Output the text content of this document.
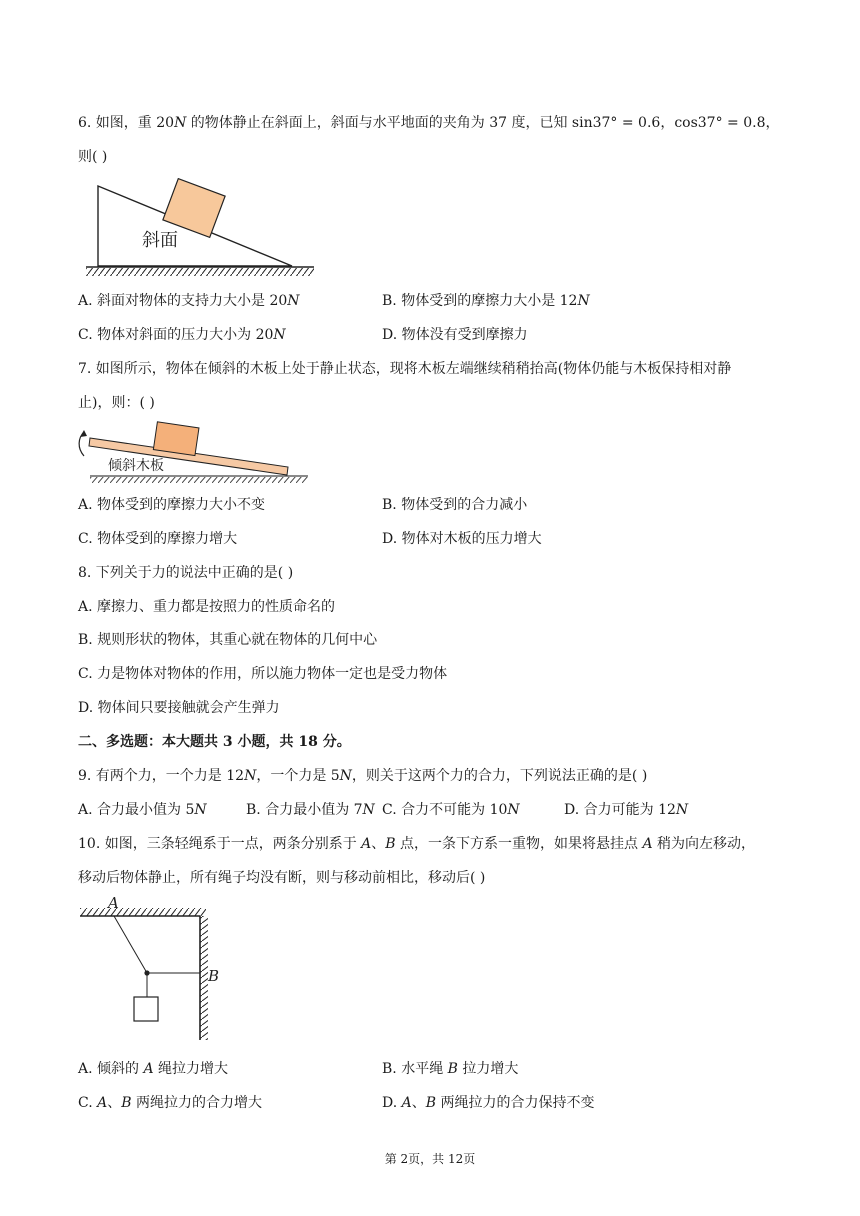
6. 如图，重 20𝑁 的物体静止在斜面上，斜面与水平地面的夹角为 37 度，已知 sin37° = 0.6，cos37° = 0.8，
则( )
斜面
A. 斜面对物体的支持力大小是 20𝑁	B. 物体受到的摩擦力大小是 12𝑁
C. 物体对斜面的压力大小为 20𝑁	D. 物体没有受到摩擦力
7. 如图所示，物体在倾斜的木板上处于静止状态，现将木板左端继续稍稍抬高(物体仍能与木板保持相对静
止)，则：( )
倾斜木板
A. 物体受到的摩擦力大小不变	B. 物体受到的合力减小
C. 物体受到的摩擦力增大	D. 物体对木板的压力增大
8. 下列关于力的说法中正确的是( )
A. 摩擦力、重力都是按照力的性质命名的
B. 规则形状的物体，其重心就在物体的几何中心
C. 力是物体对物体的作用，所以施力物体一定也是受力物体
D. 物体间只要接触就会产生弹力
二、多选题：本大题共 3 小题，共 18 分。
9. 有两个力，一个力是 12𝑁，一个力是 5𝑁，则关于这两个力的合力，下列说法正确的是( )
A. 合力最小值为 5𝑁	B. 合力最小值为 7𝑁 C. 合力不可能为 10𝑁	D. 合力可能为 12𝑁
10. 如图，三条轻绳系于一点，两条分别系于 𝐴、𝐵 点，一条下方系一重物，如果将悬挂点 𝐴 稍为向左移动，
移动后物体静止，所有绳子均没有断，则与移动前相比，移动后( )
A
B
A. 倾斜的 𝐴 绳拉力增大	B. 水平绳 𝐵 拉力增大
C. 𝐴、𝐵 两绳拉力的合力增大	D. 𝐴、𝐵 两绳拉力的合力保持不变
第 2页，共 12页
